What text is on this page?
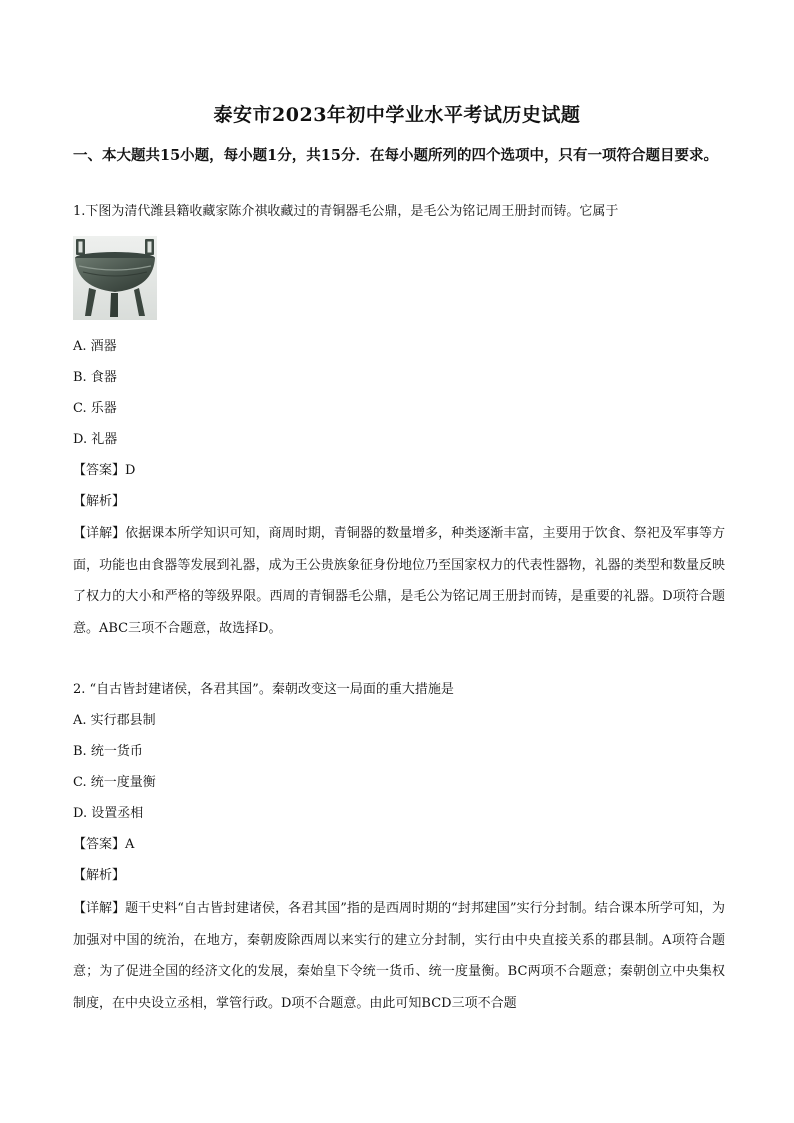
泰安市2023年初中学业水平考试历史试题
一、本大题共15小题，每小题1分，共15分．在每小题所列的四个选项中，只有一项符合题目要求。
1.下图为清代潍县籍收藏家陈介祺收藏过的青铜器毛公鼎，是毛公为铭记周王册封而铸。它属于
A. 酒器
B. 食器
C. 乐器
D. 礼器
【答案】D
【解析】
【详解】依据课本所学知识可知，商周时期，青铜器的数量增多，种类逐渐丰富，主要用于饮食、祭祀及军事等方面，功能也由食器等发展到礼器，成为王公贵族象征身份地位乃至国家权力的代表性器物，礼器的类型和数量反映了权力的大小和严格的等级界限。西周的青铜器毛公鼎，是毛公为铭记周王册封而铸，是重要的礼器。D项符合题意。ABC三项不合题意，故选择D。
2. “自古皆封建诸侯，各君其国”。秦朝改变这一局面的重大措施是
A. 实行郡县制
B. 统一货币
C. 统一度量衡
D. 设置丞相
【答案】A
【解析】
【详解】题干史料“自古皆封建诸侯，各君其国”指的是西周时期的“封邦建国”实行分封制。结合课本所学可知，为加强对中国的统治，在地方，秦朝废除西周以来实行的建立分封制，实行由中央直接关系的郡县制。A项符合题意；为了促进全国的经济文化的发展，秦始皇下令统一货币、统一度量衡。BC两项不合题意；秦朝创立中央集权制度，在中央设立丞相，掌管行政。D项不合题意。由此可知BCD三项不合题
